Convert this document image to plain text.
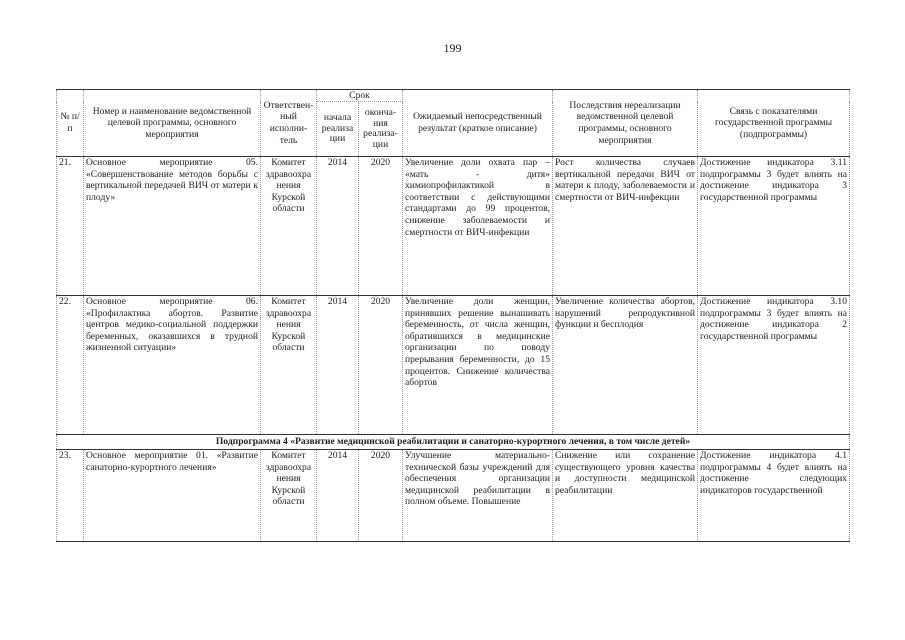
199
№ п/п	Номер и наименование ведомственной целевой программы, основного мероприятия	Ответствен-ный исполни-тель	Срок		Ожидаемый непосредственный результат (краткое описание)	Последствия нереализации ведомственной целевой программы, основного мероприятия	Связь с показателями государственной программы (подпрограммы)
			начала реализа ции	оконча-ния реализа-ции			
21.	Основное мероприятие 05. «Совершенствование методов борьбы с вертикальной передачей ВИЧ от матери к плоду»	Комитет здравоохра нения Курской области	2014	2020	Увеличение доли охвата пар – «мать - дитя» химиопрофилактикой в соответствии с действующими стандартами до 99 процентов, снижение заболеваемости и смертности от ВИЧ-инфекции	Рост количества случаев вертикальной передачи ВИЧ от матери к плоду, заболеваемости и смертности от ВИЧ-инфекции	Достижение индикатора 3.11 подпрограммы 3 будет влиять на достижение индикатора 3 государственной программы
22.	Основное мероприятие 06. «Профилактика абортов. Развитие центров медико-социальной поддержки беременных, оказавшихся в трудной жизненной ситуации»	Комитет здравоохра нения Курской области	2014	2020	Увеличение доли женщин, принявших решение вынашивать беременность, от числа женщин, обратившихся в медицинские организации по поводу прерывания беременности, до 15 процентов. Снижение количества абортов	Увеличение количества абортов, нарушений репродуктивной функции и бесплодия	Достижение индикатора 3.10 подпрограммы 3 будет влиять на достижение индикатора 2 государственной программы
Подпрограмма 4 «Развитие медицинской реабилитации и санаторно-курортного лечения, в том числе детей»							
23.	Основное мероприятие 01. «Развитие санаторно-курортного лечения»	Комитет здравоохра нения Курской области	2014	2020	Улучшение материально-технической базы учреждений для обеспечения организации медицинской реабилитации в полном объеме. Повышение	Снижение или сохранение существующего уровня качества и доступности медицинской реабилитации	Достижение индикатора 4.1 подпрограммы 4 будет влиять на достижение следующих индикаторов государственной
